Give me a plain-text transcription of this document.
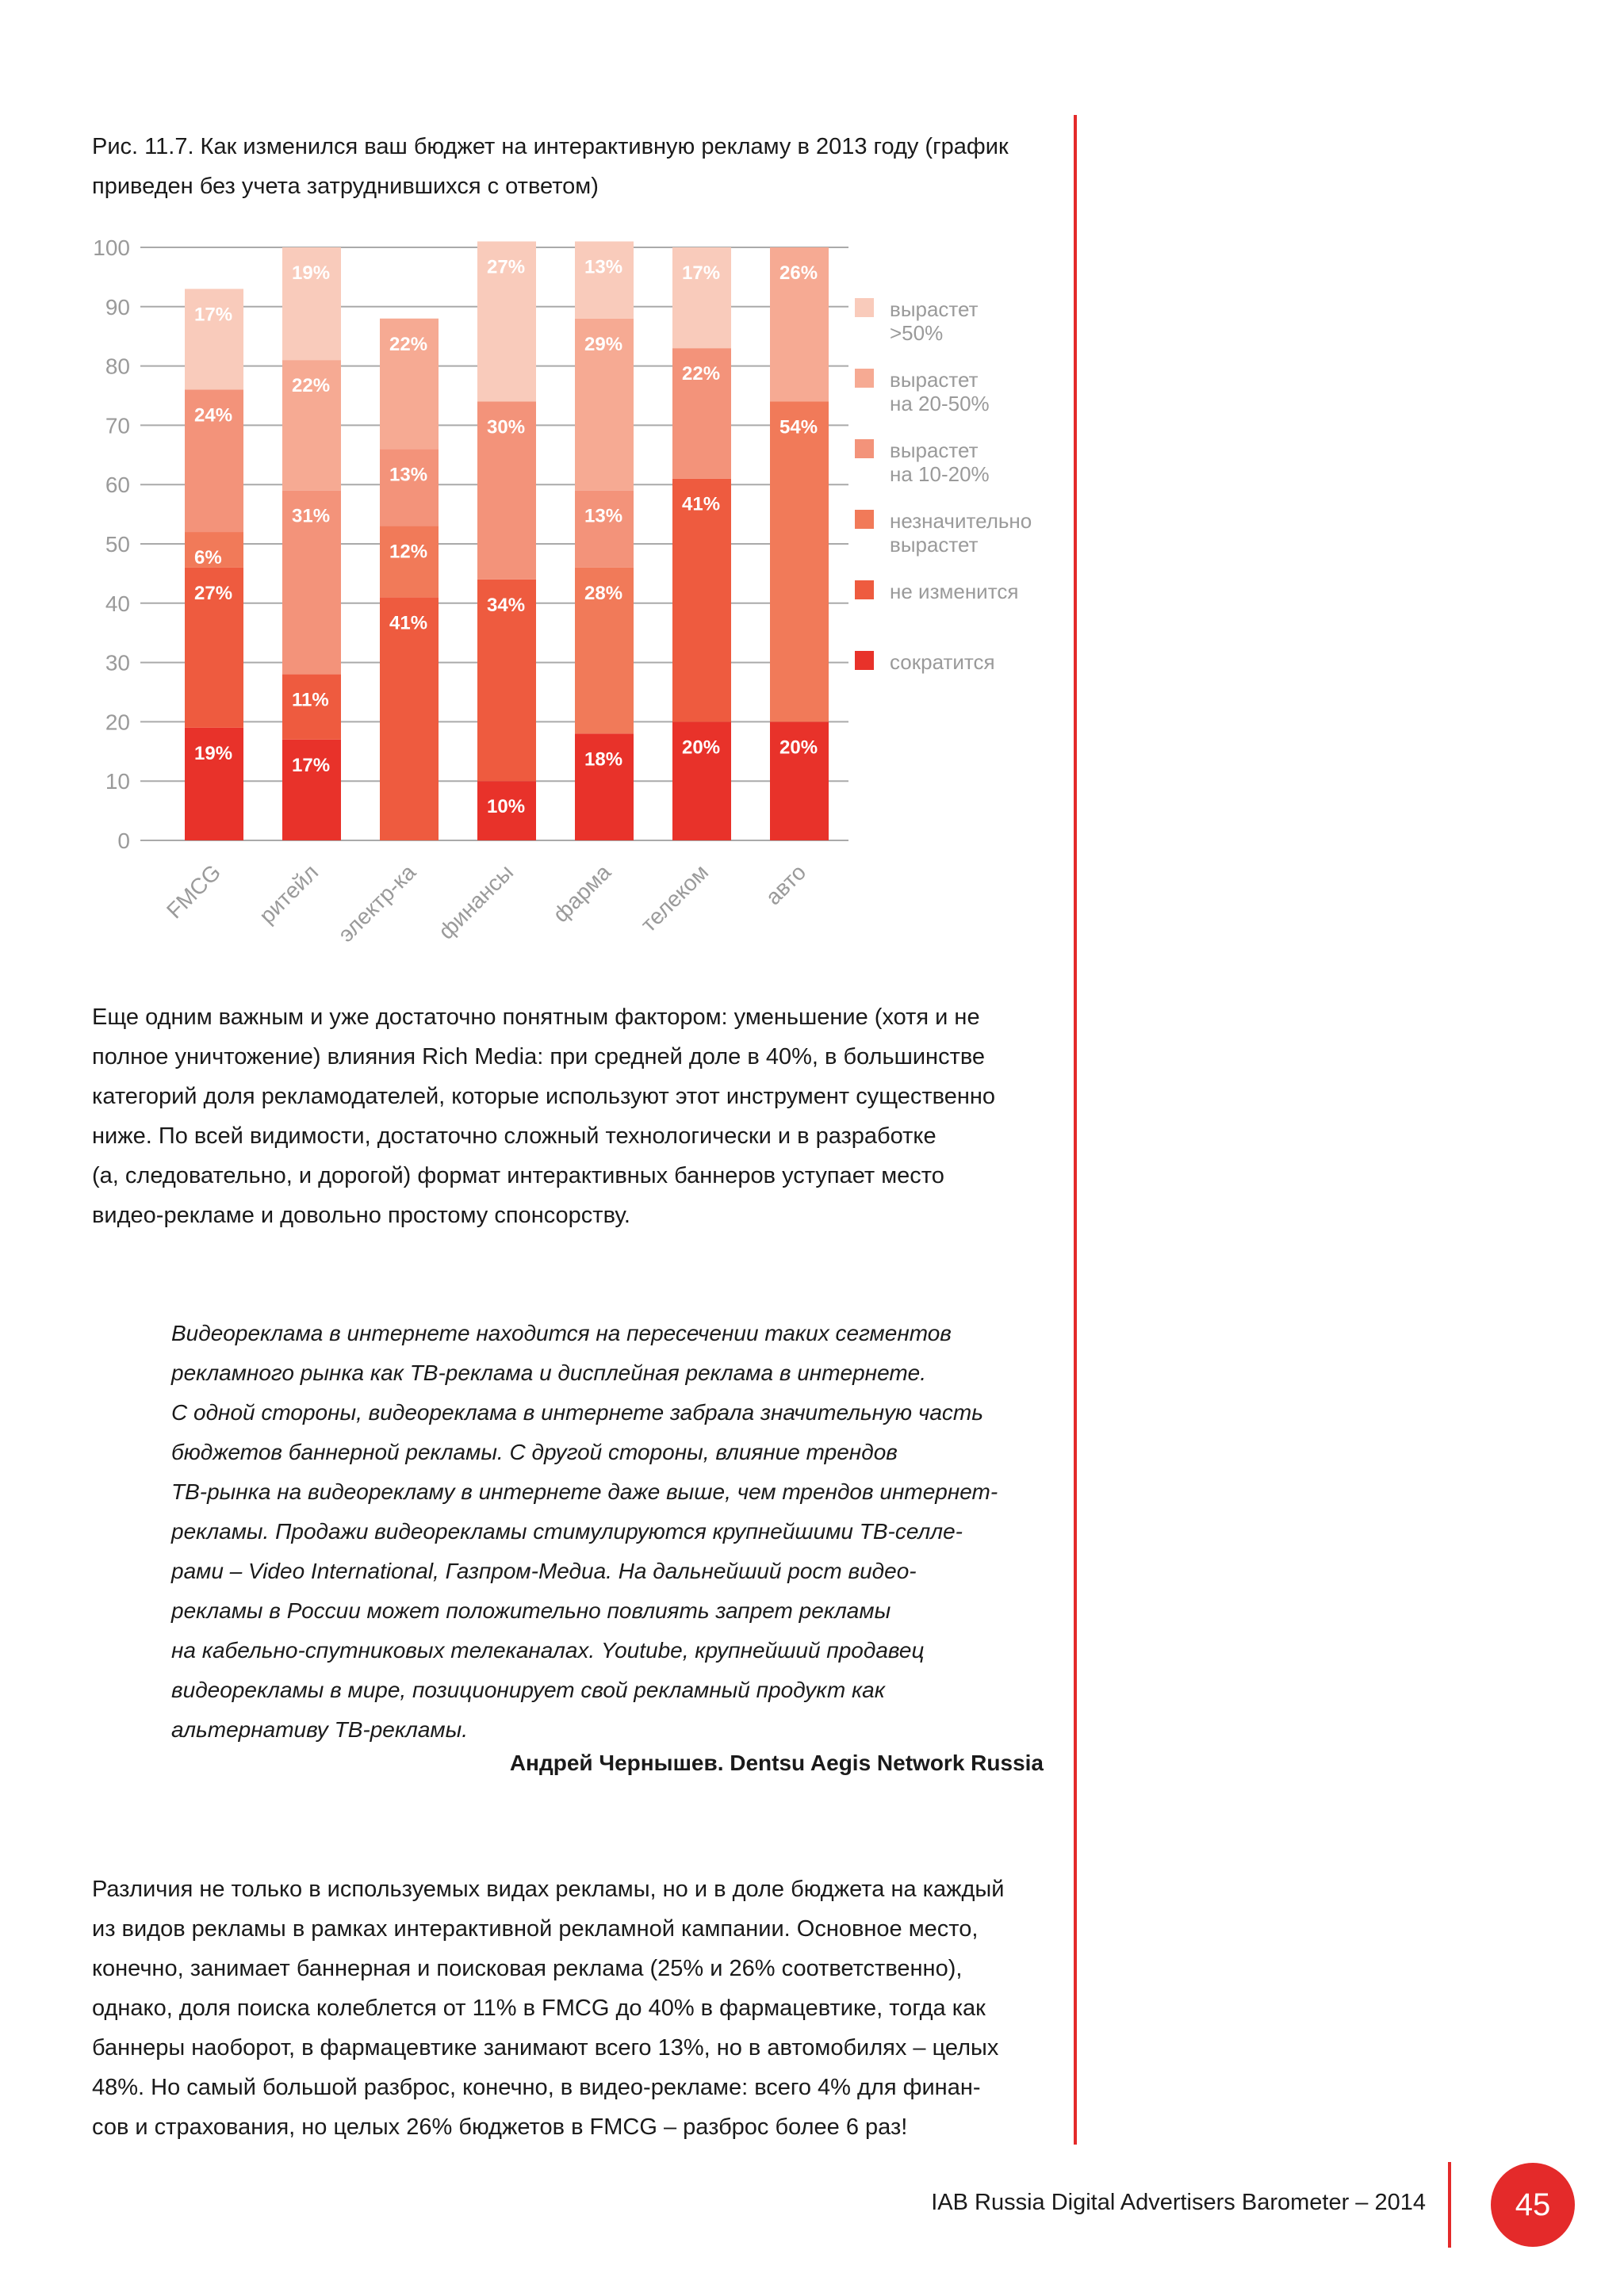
Рис. 11.7. Как изменился ваш бюджет на интерактивную рекламу в 2013 году (график
приведен без учета затруднившихся с ответом)
0
10
20
30
40
50
60
70
80
90
100
19%
27%
6%
24%
17%
FMCG
17%
11%
31%
22%
19%
ритейл
41%
12%
13%
22%
электр-ка
10%
34%
30%
27%
финансы
18%
28%
13%
29%
13%
фарма
20%
41%
22%
17%
телеком
20%
54%
26%
авто
вырастет
>50%
вырастет
на 20-50%
вырастет
на 10-20%
незначительно
вырастет
не изменится
сократится
Еще одним важным и уже достаточно понятным фактором: уменьшение (хотя и не
полное уничтожение) влияния Rich Media: при средней доле в 40%, в большинстве
категорий доля рекламодателей, которые используют этот инструмент существенно
ниже. По всей видимости, достаточно сложный технологически и в разработке
(а, следовательно, и дорогой) формат интерактивных баннеров уступает место
видео-рекламе и довольно простому спонсорству.
Видеореклама в интернете находится на пересечении таких сегментов
рекламного рынка как ТВ-реклама и дисплейная реклама в интернете.
С одной стороны, видеореклама в интернете забрала значительную часть
бюджетов баннерной рекламы. С другой стороны, влияние трендов
ТВ-рынка на видеорекламу в интернете даже выше, чем трендов интернет-
рекламы. Продажи видеорекламы стимулируются крупнейшими ТВ-селле-
рами – Video International, Газпром-Медиа. На дальнейший рост видео-
рекламы в России может положительно повлиять запрет рекламы
на кабельно-спутниковых телеканалах. Youtube, крупнейший продавец
видеорекламы в мире, позиционирует свой рекламный продукт как
альтернативу ТВ-рекламы.
Андрей Чернышев. Dentsu Aegis Network Russia
Различия не только в используемых видах рекламы, но и в доле бюджета на каждый
из видов рекламы в рамках интерактивной рекламной кампании. Основное место,
конечно, занимает баннерная и поисковая реклама (25% и 26% соответственно),
однако, доля поиска колеблется от 11% в FMCG до 40% в фармацевтике, тогда как
баннеры наоборот, в фармацевтике занимают всего 13%, но в автомобилях – целых
48%. Но самый большой разброс, конечно, в видео-рекламе: всего 4% для финан-
сов и страхования, но целых 26% бюджетов в FMCG – разброс более 6 раз!
IAB Russia Digital Advertisers Barometer – 2014	45
